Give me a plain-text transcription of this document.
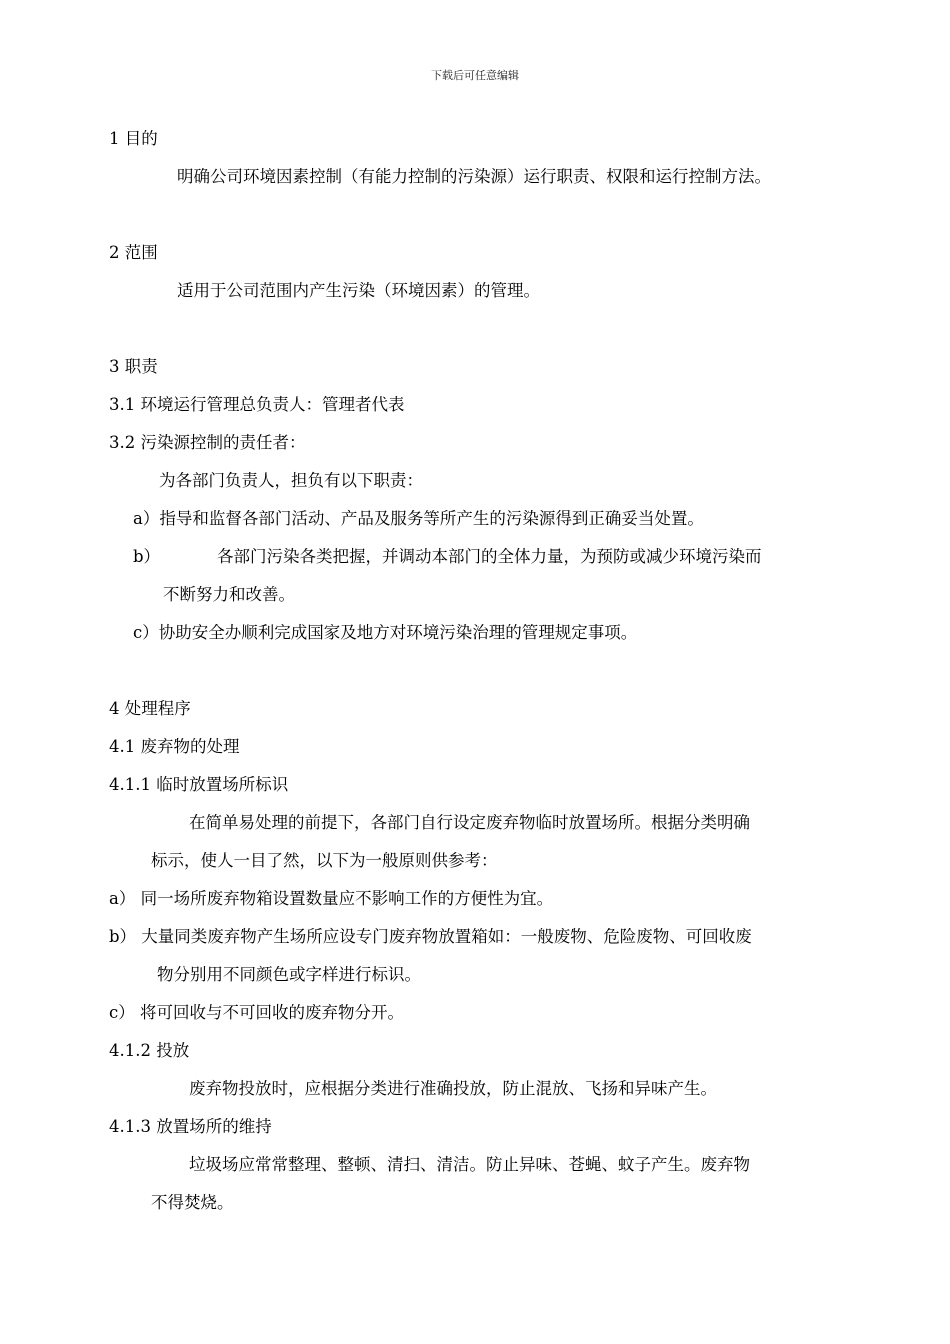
下载后可任意编辑
1 目的
明确公司环境因素控制（有能力控制的污染源）运行职责、权限和运行控制方法。
2 范围
适用于公司范围内产生污染（环境因素）的管理。
3 职责
3.1 环境运行管理总负责人：管理者代表
3.2 污染源控制的责任者：
为各部门负责人，担负有以下职责：
a）指导和监督各部门活动、产品及服务等所产生的污染源得到正确妥当处置。
b）	各部门污染各类把握，并调动本部门的全体力量，为预防或减少环境污染而
不断努力和改善。
c）协助安全办顺利完成国家及地方对环境污染治理的管理规定事项。
4 处理程序
4.1 废弃物的处理
4.1.1 临时放置场所标识
在简单易处理的前提下，各部门自行设定废弃物临时放置场所。根据分类明确
标示，使人一目了然，以下为一般原则供参考：
a） 同一场所废弃物箱设置数量应不影响工作的方便性为宜。
b） 大量同类废弃物产生场所应设专门废弃物放置箱如：一般废物、危险废物、可回收废
物分别用不同颜色或字样进行标识。
c） 将可回收与不可回收的废弃物分开。
4.1.2 投放
废弃物投放时，应根据分类进行准确投放，防止混放、飞扬和异味产生。
4.1.3 放置场所的维持
垃圾场应常常整理、整顿、清扫、清洁。防止异味、苍蝇、蚊子产生。废弃物
不得焚烧。
